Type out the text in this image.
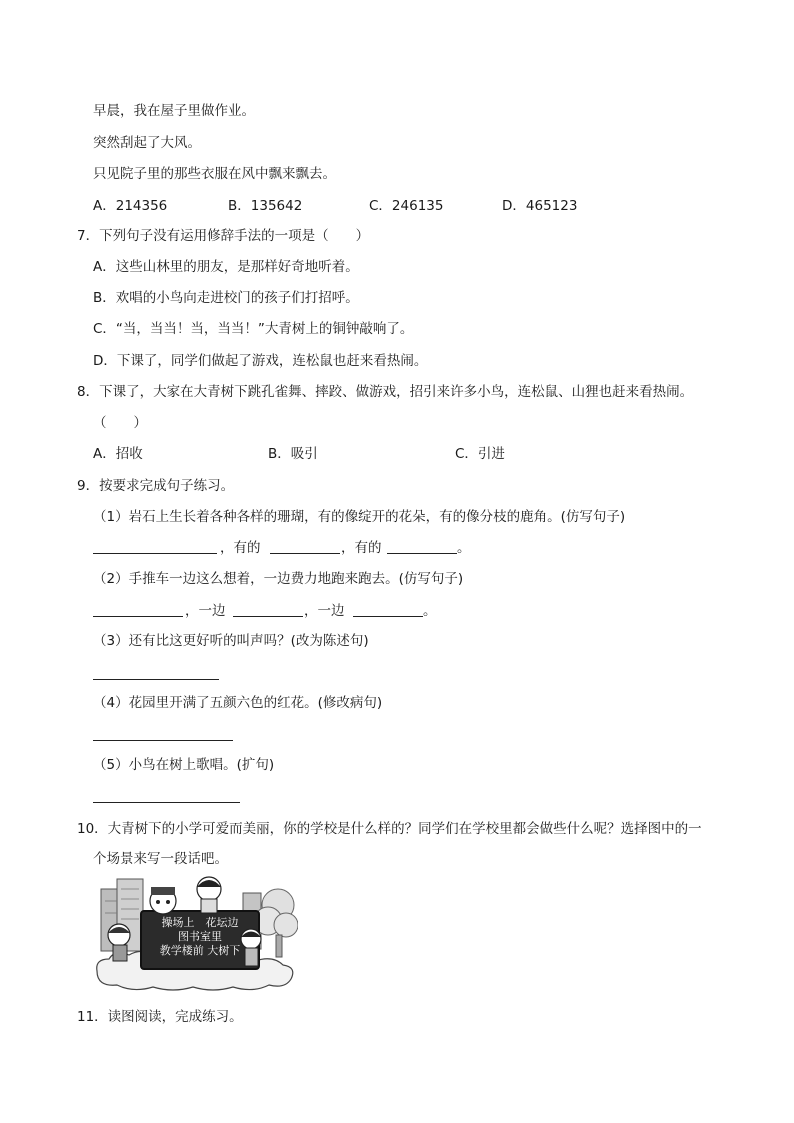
早晨，我在屋子里做作业。
突然刮起了大风。
只见院子里的那些衣服在风中飘来飘去。
A．214356	B．135642	C．246135	D．465123
7．下列句子没有运用修辞手法的一项是（　　）
A．这些山林里的朋友，是那样好奇地听着。
B．欢唱的小鸟向走进校门的孩子们打招呼。
C．“当，当当！当，当当！”大青树上的铜钟敲响了。
D．下课了，同学们做起了游戏，连松鼠也赶来看热闹。
8．下课了，大家在大青树下跳孔雀舞、摔跤、做游戏，招引来许多小鸟，连松鼠、山狸也赶来看热闹。
（　　）
A．招收	B．吸引	C．引进
9．按要求完成句子练习。
（1）岩石上生长着各种各样的珊瑚，有的像绽开的花朵，有的像分枝的鹿角。(仿写句子)
，有的	，有的	。
（2）手推车一边这么想着，一边费力地跑来跑去。(仿写句子)
，一边	，一边	。
（3）还有比这更好听的叫声吗？(改为陈述句)
（4）花园里开满了五颜六色的红花。(修改病句)
（5）小鸟在树上歌唱。(扩句)
10．大青树下的小学可爱而美丽，你的学校是什么样的？同学们在学校里都会做些什么呢？选择图中的一
个场景来写一段话吧。
操场上　花坛边
图书室里
教学楼前 大树下
11．读图阅读，完成练习。
